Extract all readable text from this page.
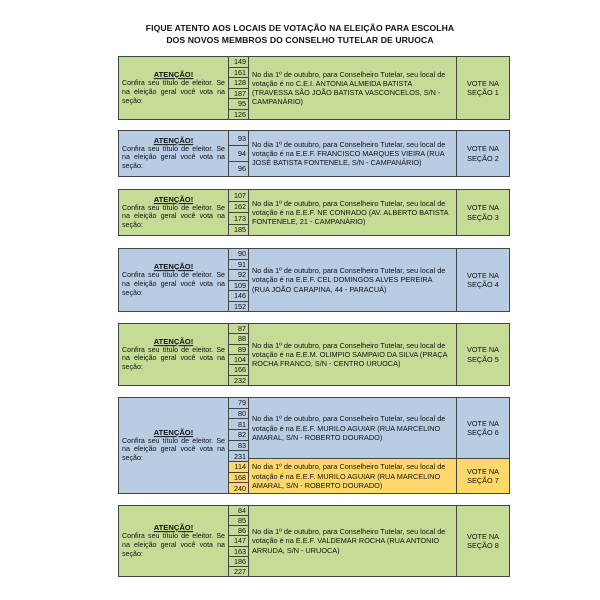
FIQUE ATENTO AOS LOCAIS DE VOTAÇÃO NA ELEIÇÃO PARA ESCOLHA
DOS NOVOS MEMBROS DO CONSELHO TUTELAR DE URUOCA
ATENÇÃO!
Confira seu título de eleitor. Se na eleição geral você vota na seção:
149
161
128
187
95
126
No dia 1º de outubro, para Conselheiro Tutelar, seu local de votação é no C.E.I. ANTONIA ALMEIDA BATISTA (TRAVESSA SÃO JOÃO BATISTA VASCONCELOS, S/N - CAMPANÁRIO)
VOTE NA SEÇÃO 1
ATENÇÃO!
Confira seu título de eleitor. Se na eleição geral você vota na seção:
93
94
96
No dia 1º de outubro, para Conselheiro Tutelar, seu local de votação é na E.E.F. FRANCISCO MARQUES VIEIRA (RUA JOSÉ BATISTA FONTENELE, S/N - CAMPANÁRIO)
VOTE NA SEÇÃO 2
ATENÇÃO!
Confira seu título de eleitor. Se na eleição geral você vota na seção:
107
162
173
185
No dia 1º de outubro, para Conselheiro Tutelar, seu local de votação é na E.E.F. NE CONRADO (AV. ALBERTO BATISTA FONTENELE, 21 - CAMPANÁRIO)
VOTE NA SEÇÃO 3
ATENÇÃO!
Confira seu título de eleitor. Se na eleição geral você vota na seção:
90
91
92
109
146
152
No dia 1º de outubro, para Conselheiro Tutelar, seu local de votação é na E.E.F. CEL DOMINGOS ALVES PEREIRA (RUA JOÃO CARAPINA, 44 - PARACUÁ)
VOTE NA SEÇÃO 4
ATENÇÃO!
Confira seu título de eleitor. Se na eleição geral você vota na seção:
87
88
89
104
166
232
No dia 1º de outubro, para Conselheiro Tutelar, seu local de votação é na E.E.M. OLIMPIO SAMPAIO DA SILVA (PRAÇA ROCHA FRANCO, S/N - CENTRO URUOCA)
VOTE NA SEÇÃO 5
ATENÇÃO!
Confira seu título de eleitor. Se na eleição geral você vota na seção:
79
80
81
82
83
231
114
168
240
No dia 1º de outubro, para Conselheiro Tutelar, seu local de votação é na E.E.F. MURILO AGUIAR (RUA MARCELINO AMARAL, S/N - ROBERTO DOURADO)
VOTE NA SEÇÃO 6
No dia 1º de outubro, para Conselheiro Tutelar, seu local de votação é na E.E.F. MURILO AGUIAR (RUA MARCELINO AMARAL, S/N - ROBERTO DOURADO)
VOTE NA SEÇÃO 7
ATENÇÃO!
Confira seu título de eleitor. Se na eleição geral você vota na seção:
84
85
86
147
163
186
227
No dia 1º de outubro, para Conselheiro Tutelar, seu local de votação é na E.E.F. VALDEMAR ROCHA (RUA ANTONIO ARRUDA, S/N - URUOCA)
VOTE NA SEÇÃO 8
